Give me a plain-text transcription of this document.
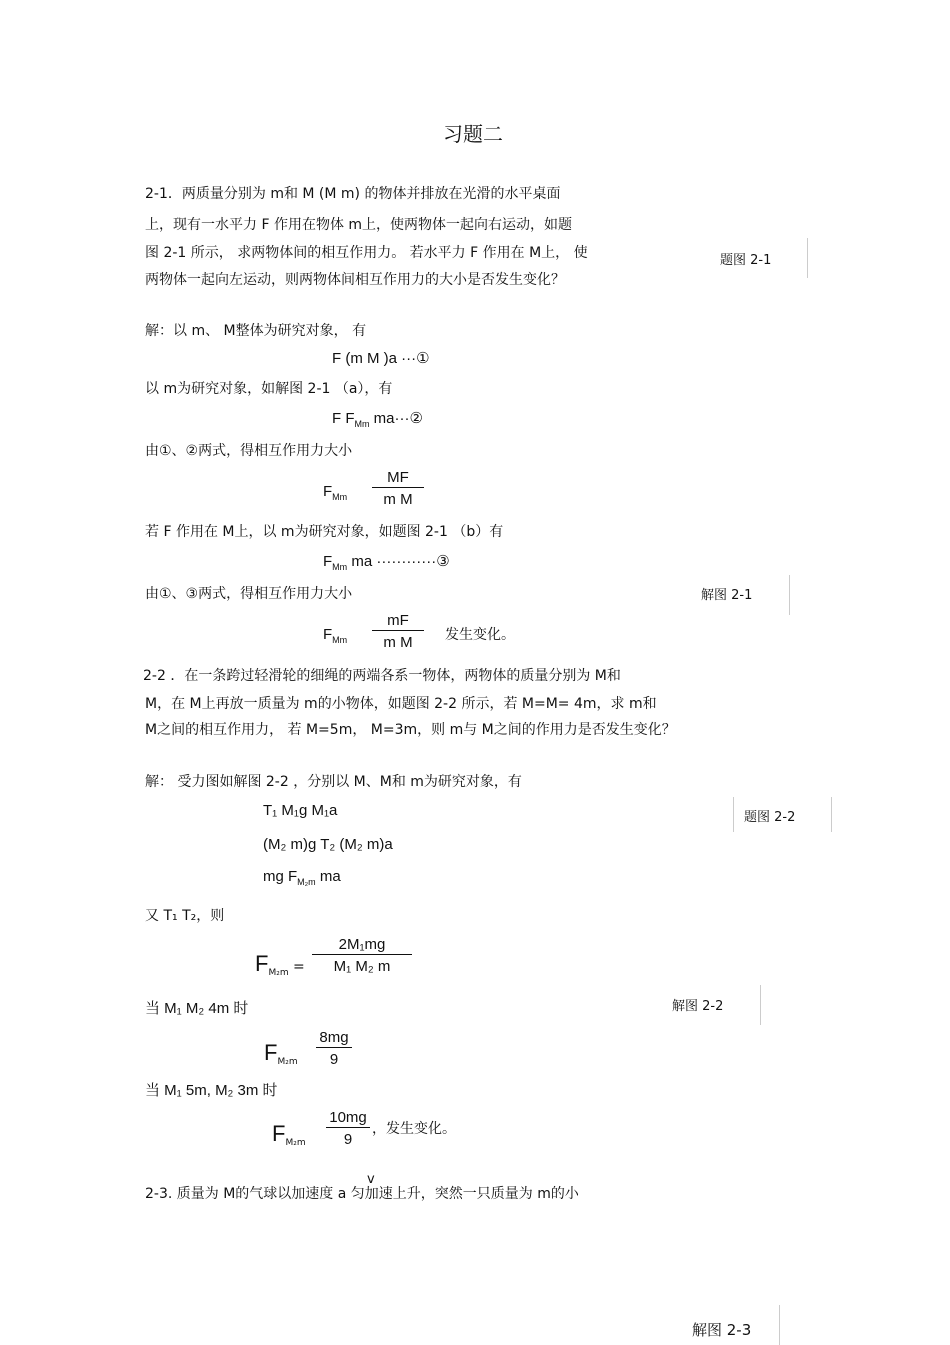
习题二
2-1．两质量分别为 m和 M (M m) 的物体并排放在光滑的水平桌面
上，现有一水平力 F 作用在物体 m上，使两物体一起向右运动，如题
图 2-1 所示， 求两物体间的相互作用力。 若水平力 F 作用在 M上， 使
两物体一起向左运动，则两物体间相互作用力的大小是否发生变化？
题图 2-1
解：以 m、 M整体为研究对象， 有
F (m M )a ···①
以 m为研究对象，如解图 2-1 （a），有
F $F_{Mm}$ ma···②
由①、②两式，得相互作用力大小
$F_{Mm}$
MF
m M
若 F 作用在 M上，以 m为研究对象，如题图 2-1 （b）有
$F_{Mm}$ ma ············③
由①、③两式，得相互作用力大小	解图 2-1
$F_{Mm}$
mF
m M	发生变化。
2-2 ．在一条跨过轻滑轮的细绳的两端各系一物体，两物体的质量分别为 M和
M，在 M上再放一质量为 m的小物体，如题图 2-2 所示，若 M=M= 4m，求 m和
M之间的相互作用力， 若 M=5m， M=3m，则 m与 M之间的作用力是否发生变化？
解： 受力图如解图 2-2 ，分别以 M、M和 m为研究对象，有
题图 2-2
T₁ M₁g M₁a
(M₂ m)g T₂ (M₂ m)a
mg $F_{M_2m}$ ma
又 T₁ T₂，则
$F_{M_2m}$ =
2M₁mg
M₁ M₂ m
当 M₁ M₂ 4m 时	解图 2-2
$F_{M_2m}$
8mg
9
当 M₁ 5m, M₂ 3m 时
$F_{M_2m}$
10mg
9
，发生变化。
v
2-3. 质量为 M的气球以加速度 a 匀加速上升，突然一只质量为 m的小
解图 2-3
